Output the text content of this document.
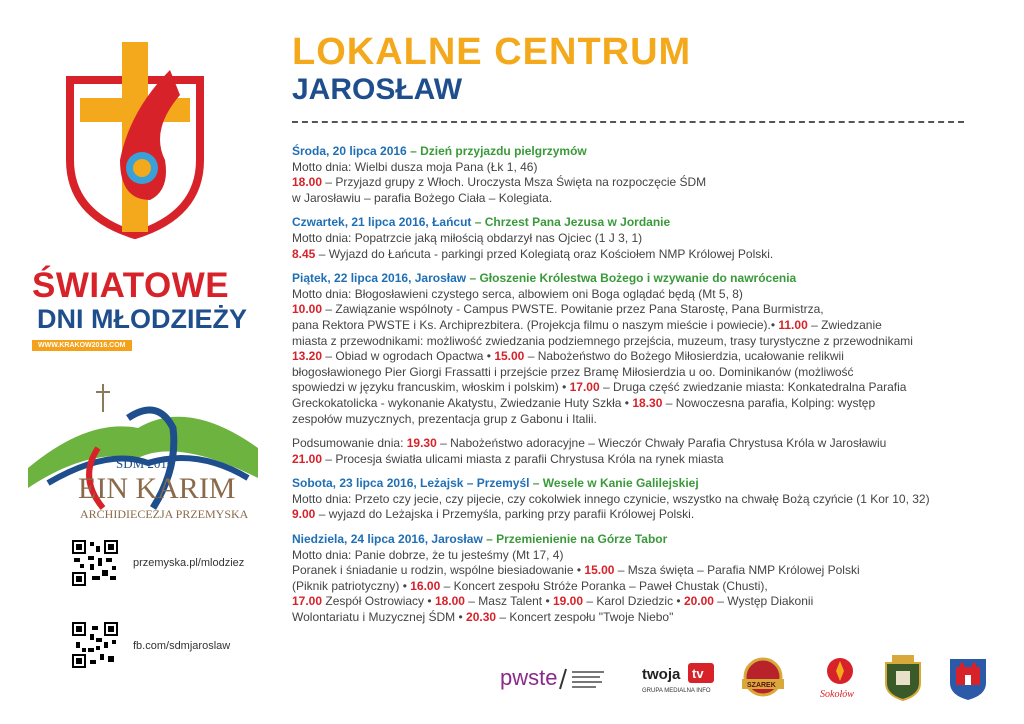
ŚWIATOWE
DNI MŁODZIEŻY
WWW.KRAKOW2016.COM
ŚDM 2016
EIN KARIM
ARCHIDIECEZJA PRZEMYSKA
przemyska.pl/mlodziez
fb.com/sdmjaroslaw
LOKALNE CENTRUM
JAROSŁAW
Środa, 20 lipca 2016 – Dzień przyjazdu pielgrzymów
Motto dnia: Wielbi dusza moja Pana (Łk 1, 46)
18.00 – Przyjazd grupy z Włoch. Uroczysta Msza Święta na rozpoczęcie ŚDM
w Jarosławiu – parafia Bożego Ciała – Kolegiata.
Czwartek, 21 lipca 2016, Łańcut – Chrzest Pana Jezusa w Jordanie
Motto dnia: Popatrzcie jaką miłością obdarzył nas Ojciec (1 J 3, 1)
8.45 – Wyjazd do Łańcuta - parkingi przed Kolegiatą oraz Kościołem NMP Królowej Polski.
Piątek, 22 lipca 2016, Jarosław – Głoszenie Królestwa Bożego i wzywanie do nawrócenia
Motto dnia: Błogosławieni czystego serca, albowiem oni Boga oglądać będą (Mt 5, 8)
10.00 – Zawiązanie wspólnoty - Campus PWSTE. Powitanie przez Pana Starostę, Pana Burmistrza,
pana Rektora PWSTE i Ks. Archiprezbitera. (Projekcja filmu o naszym mieście i powiecie).• 11.00 – Zwiedzanie
miasta z przewodnikami: możliwość zwiedzania podziemnego przejścia, muzeum, trasy turystyczne z przewodnikami
13.20 – Obiad w ogrodach Opactwa • 15.00 – Nabożeństwo do Bożego Miłosierdzia, ucałowanie relikwii
błogosławionego Pier Giorgi Frassatti i przejście przez Bramę Miłosierdzia u oo. Dominikanów (możliwość
spowiedzi w języku francuskim, włoskim i polskim) • 17.00 – Druga część zwiedzanie miasta: Konkatedralna Parafia
Greckokatolicka - wykonanie Akatystu, Zwiedzanie Huty Szkła • 18.30 – Nowoczesna parafia, Kolping: występ
zespołów muzycznych, prezentacja grup z Gabonu i Italii.
Podsumowanie dnia: 19.30 – Nabożeństwo adoracyjne – Wieczór Chwały Parafia Chrystusa Króla w Jarosławiu
21.00 – Procesja światła ulicami miasta z parafii Chrystusa Króla na rynek miasta
Sobota, 23 lipca 2016, Leżajsk – Przemyśl – Wesele w Kanie Galilejskiej
Motto dnia: Przeto czy jecie, czy pijecie, czy cokolwiek innego czynicie, wszystko na chwałę Bożą czyńcie (1 Kor 10, 32)
9.00 – wyjazd do Leżajska i Przemyśla, parking przy parafii Królowej Polski.
Niedziela, 24 lipca 2016, Jarosław – Przemienienie na Górze Tabor
Motto dnia: Panie dobrze, że tu jesteśmy (Mt 17, 4)
Poranek i śniadanie u rodzin, wspólne biesiadowanie • 15.00 – Msza święta – Parafia NMP Królowej Polski
(Piknik patriotyczny) • 16.00 – Koncert zespołu Stróże Poranka – Paweł Chustak (Chusti),
17.00 Zespół Ostrowiacy • 18.00 – Masz Talent • 19.00 – Karol Dziedzic • 20.00 – Występ Diakonii
Wolontariatu i Muzycznej ŚDM • 20.30 – Koncert zespołu "Twoje Niebo"
pwste	twoja tv
GRUPA MEDIALNA INFO
SZAREK
Sokołów
